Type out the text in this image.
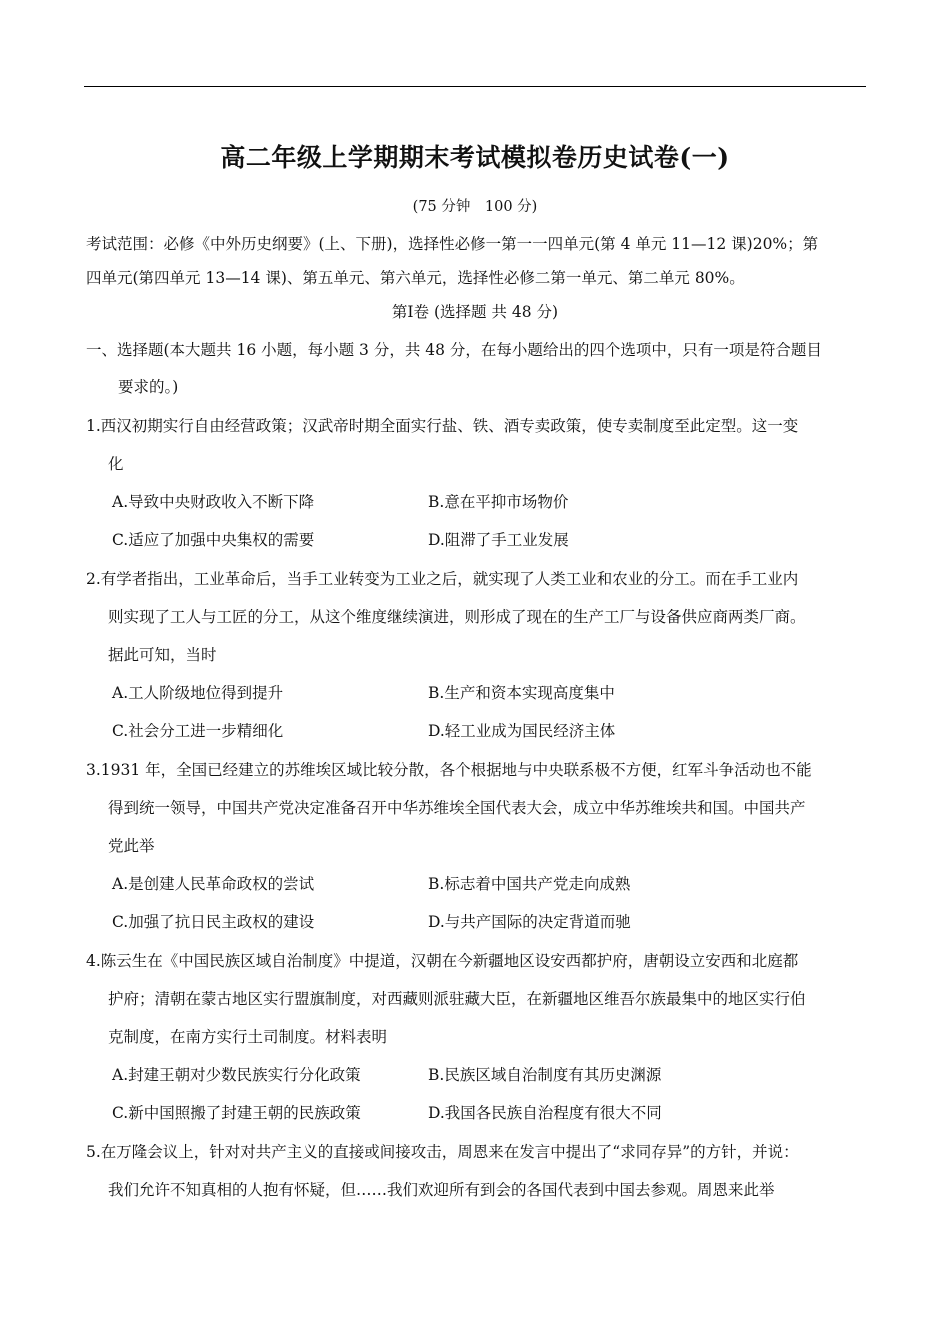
高二年级上学期期末考试模拟卷历史试卷(一)
(75 分钟　100 分)
考试范围：必修《中外历史纲要》(上、下册)，选择性必修一第一一四单元(第 4 单元 11—12 课)20%；第
四单元(第四单元 13—14 课)、第五单元、第六单元，选择性必修二第一单元、第二单元 80%。
第Ⅰ卷 (选择题 共 48 分)
一、选择题(本大题共 16 小题，每小题 3 分，共 48 分，在每小题给出的四个选项中，只有一项是符合题目
要求的。)
1.西汉初期实行自由经营政策；汉武帝时期全面实行盐、铁、酒专卖政策，使专卖制度至此定型。这一变
化
A.导致中央财政收入不断下降	B.意在平抑市场物价
C.适应了加强中央集权的需要	D.阻滞了手工业发展
2.有学者指出，工业革命后，当手工业转变为工业之后，就实现了人类工业和农业的分工。而在手工业内
则实现了工人与工匠的分工，从这个维度继续演进，则形成了现在的生产工厂与设备供应商两类厂商。
据此可知，当时
A.工人阶级地位得到提升	B.生产和资本实现高度集中
C.社会分工进一步精细化	D.轻工业成为国民经济主体
3.1931 年，全国已经建立的苏维埃区域比较分散，各个根据地与中央联系极不方便，红军斗争活动也不能
得到统一领导，中国共产党决定准备召开中华苏维埃全国代表大会，成立中华苏维埃共和国。中国共产
党此举
A.是创建人民革命政权的尝试	B.标志着中国共产党走向成熟
C.加强了抗日民主政权的建设	D.与共产国际的决定背道而驰
4.陈云生在《中国民族区域自治制度》中提道，汉朝在今新疆地区设安西都护府，唐朝设立安西和北庭都
护府；清朝在蒙古地区实行盟旗制度，对西藏则派驻藏大臣，在新疆地区维吾尔族最集中的地区实行伯
克制度，在南方实行土司制度。材料表明
A.封建王朝对少数民族实行分化政策	B.民族区域自治制度有其历史渊源
C.新中国照搬了封建王朝的民族政策	D.我国各民族自治程度有很大不同
5.在万隆会议上，针对对共产主义的直接或间接攻击，周恩来在发言中提出了“求同存异”的方针，并说：
我们允许不知真相的人抱有怀疑，但……我们欢迎所有到会的各国代表到中国去参观。周恩来此举
